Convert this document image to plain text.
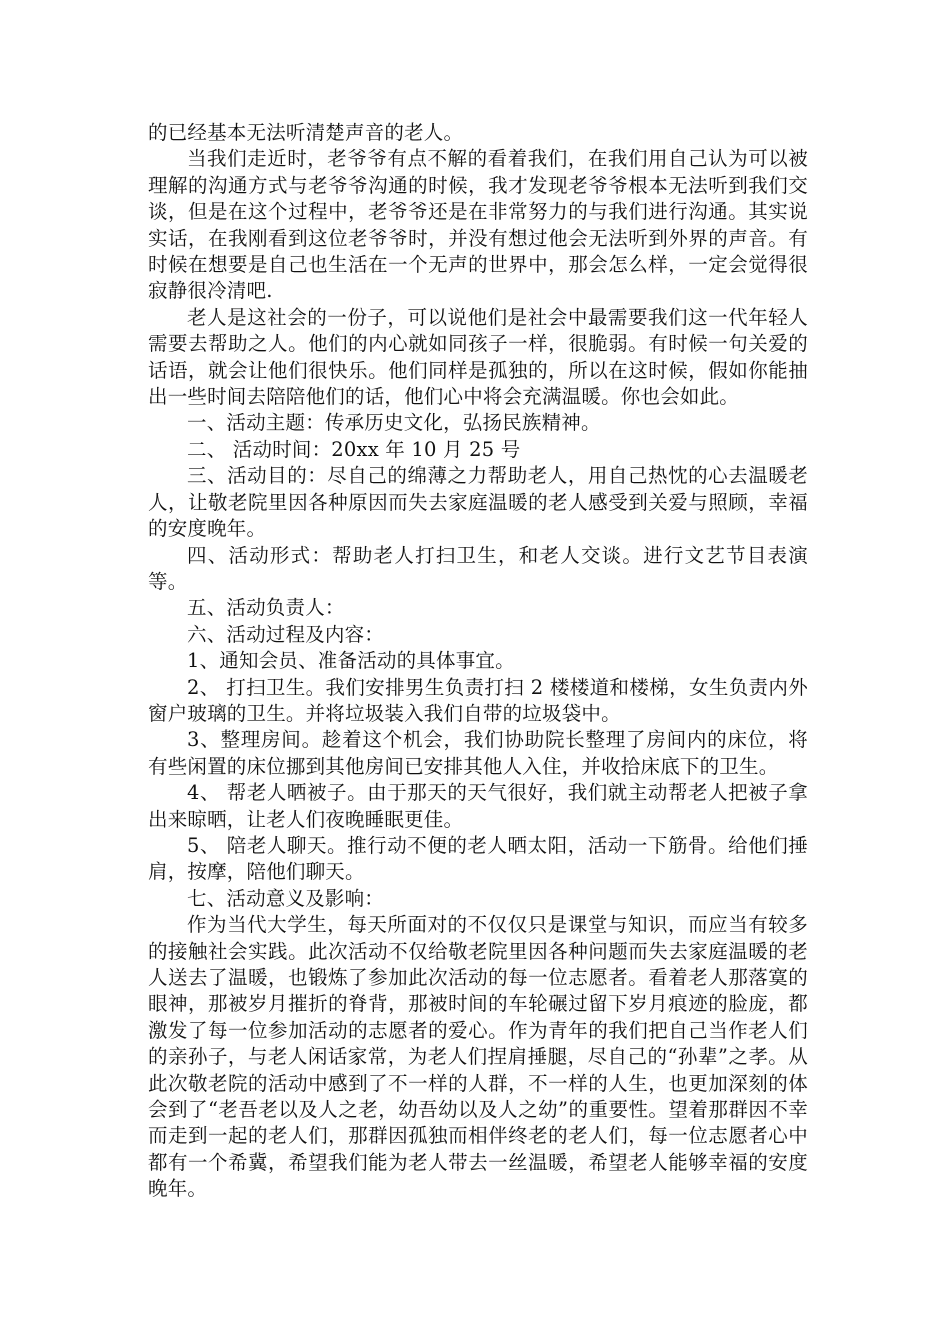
的已经基本无法听清楚声音的老人。

当我们走近时，老爷爷有点不解的看着我们，在我们用自己认为可以被理解的沟通方式与老爷爷沟通的时候，我才发现老爷爷根本无法听到我们交谈，但是在这个过程中，老爷爷还是在非常努力的与我们进行沟通。其实说实话，在我刚看到这位老爷爷时，并没有想过他会无法听到外界的声音。有时候在想要是自己也生活在一个无声的世界中，那会怎么样，一定会觉得很寂静很冷清吧.

老人是这社会的一份子，可以说他们是社会中最需要我们这一代年轻人需要去帮助之人。他们的内心就如同孩子一样，很脆弱。有时候一句关爱的话语，就会让他们很快乐。他们同样是孤独的，所以在这时候，假如你能抽出一些时间去陪陪他们的话，他们心中将会充满温暖。你也会如此。

一、活动主题：传承历史文化，弘扬民族精神。

二、 活动时间：20xx 年 10 月 25 号

三、活动目的：尽自己的绵薄之力帮助老人，用自己热忱的心去温暖老人，让敬老院里因各种原因而失去家庭温暖的老人感受到关爱与照顾，幸福的安度晚年。

四、活动形式：帮助老人打扫卫生，和老人交谈。进行文艺节目表演等。

五、活动负责人：

六、活动过程及内容：

1、通知会员、准备活动的具体事宜。

2、 打扫卫生。我们安排男生负责打扫 2 楼楼道和楼梯，女生负责内外窗户玻璃的卫生。并将垃圾装入我们自带的垃圾袋中。

3、整理房间。趁着这个机会，我们协助院长整理了房间内的床位，将有些闲置的床位挪到其他房间已安排其他人入住，并收拾床底下的卫生。

4、 帮老人晒被子。由于那天的天气很好，我们就主动帮老人把被子拿出来晾晒，让老人们夜晚睡眠更佳。

5、 陪老人聊天。推行动不便的老人晒太阳，活动一下筋骨。给他们捶肩，按摩，陪他们聊天。

七、活动意义及影响：

作为当代大学生，每天所面对的不仅仅只是课堂与知识，而应当有较多的接触社会实践。此次活动不仅给敬老院里因各种问题而失去家庭温暖的老人送去了温暖，也锻炼了参加此次活动的每一位志愿者。看着老人那落寞的眼神，那被岁月摧折的脊背，那被时间的车轮碾过留下岁月痕迹的脸庞，都激发了每一位参加活动的志愿者的爱心。作为青年的我们把自己当作老人们的亲孙子，与老人闲话家常，为老人们捏肩捶腿，尽自己的“孙辈”之孝。从此次敬老院的活动中感到了不一样的人群，不一样的人生，也更加深刻的体会到了“老吾老以及人之老，幼吾幼以及人之幼”的重要性。望着那群因不幸而走到一起的老人们，那群因孤独而相伴终老的老人们，每一位志愿者心中都有一个希冀，希望我们能为老人带去一丝温暖，希望老人能够幸福的安度晚年。
